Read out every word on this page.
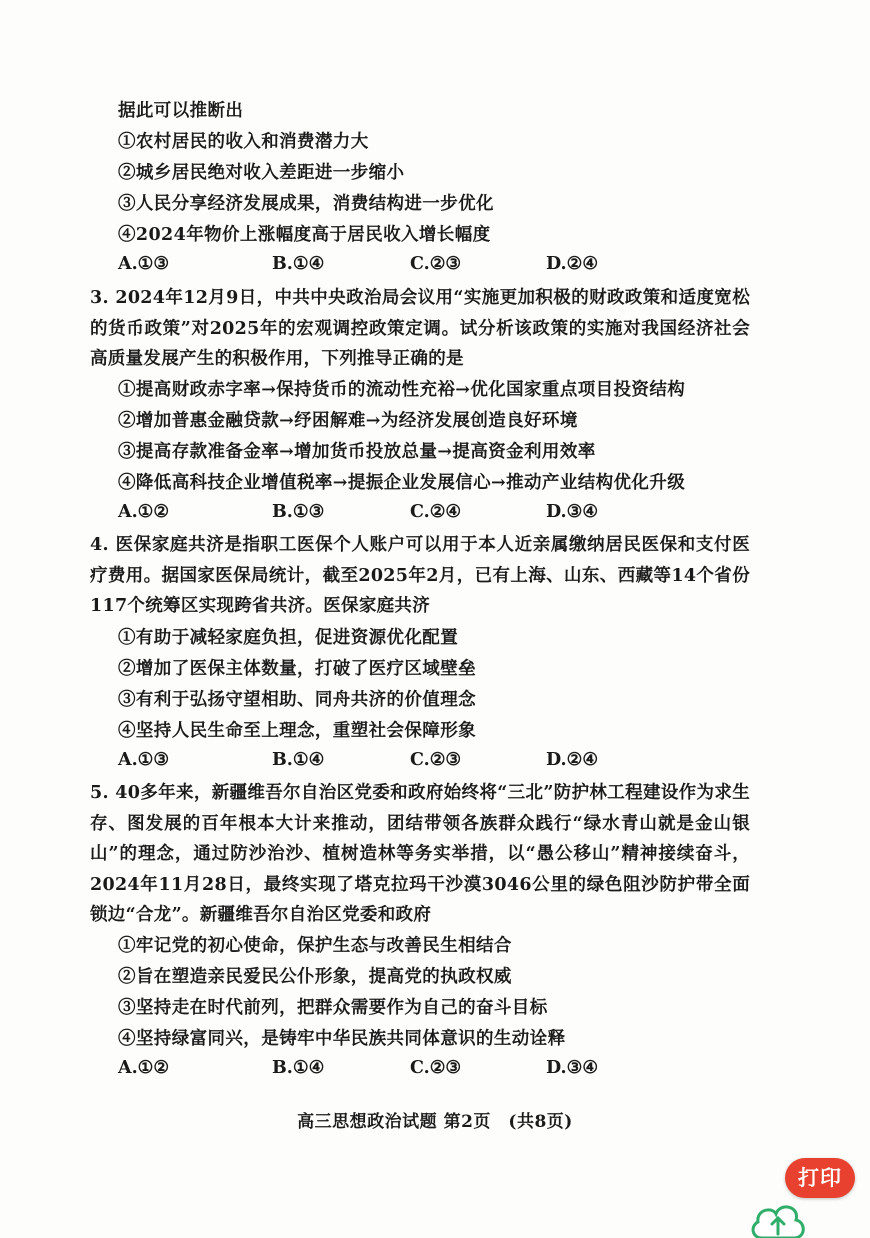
据此可以推断出
①农村居民的收入和消费潜力大
②城乡居民绝对收入差距进一步缩小
③人民分享经济发展成果，消费结构进一步优化
④2024年物价上涨幅度高于居民收入增长幅度
A.①③	B.①④	C.②③	D.②④
3. 2024年12月9日，中共中央政治局会议用“实施更加积极的财政政策和适度宽松的货币政策”对2025年的宏观调控政策定调。试分析该政策的实施对我国经济社会高质量发展产生的积极作用，下列推导正确的是
①提高财政赤字率→保持货币的流动性充裕→优化国家重点项目投资结构
②增加普惠金融贷款→纾困解难→为经济发展创造良好环境
③提高存款准备金率→增加货币投放总量→提高资金利用效率
④降低高科技企业增值税率→提振企业发展信心→推动产业结构优化升级
A.①②	B.①③	C.②④	D.③④
4. 医保家庭共济是指职工医保个人账户可以用于本人近亲属缴纳居民医保和支付医疗费用。据国家医保局统计，截至2025年2月，已有上海、山东、西藏等14个省份117个统筹区实现跨省共济。医保家庭共济
①有助于减轻家庭负担，促进资源优化配置
②增加了医保主体数量，打破了医疗区域壁垒
③有利于弘扬守望相助、同舟共济的价值理念
④坚持人民生命至上理念，重塑社会保障形象
A.①③	B.①④	C.②③	D.②④
5. 40多年来，新疆维吾尔自治区党委和政府始终将“三北”防护林工程建设作为求生存、图发展的百年根本大计来推动，团结带领各族群众践行“绿水青山就是金山银山”的理念，通过防沙治沙、植树造林等务实举措，以“愚公移山”精神接续奋斗，2024年11月28日，最终实现了塔克拉玛干沙漠3046公里的绿色阻沙防护带全面锁边“合龙”。新疆维吾尔自治区党委和政府
①牢记党的初心使命，保护生态与改善民生相结合
②旨在塑造亲民爱民公仆形象，提高党的执政权威
③坚持走在时代前列，把群众需要作为自己的奋斗目标
④坚持绿富同兴，是铸牢中华民族共同体意识的生动诠释
A.①②	B.①④	C.②③	D.③④
高三思想政治试题 第2页　(共8页)
打印
